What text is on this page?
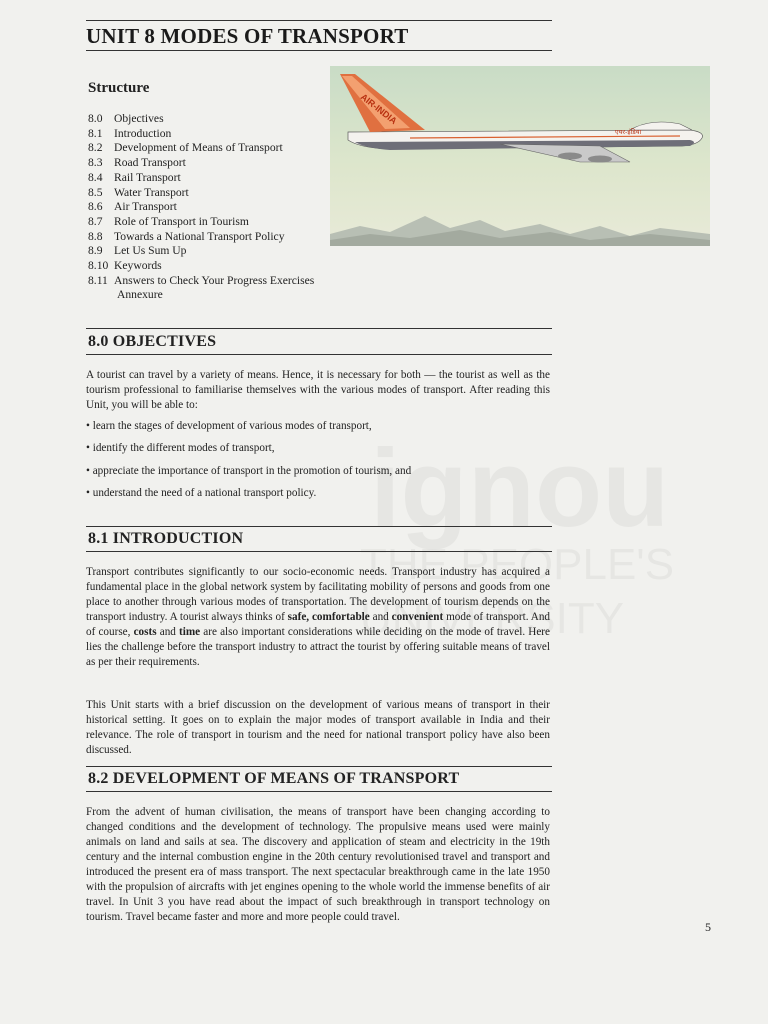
UNIT 8 MODES OF TRANSPORT
Structure
8.0 Objectives
8.1 Introduction
8.2 Development of Means of Transport
8.3 Road Transport
8.4 Rail Transport
8.5 Water Transport
8.6 Air Transport
8.7 Role of Transport in Tourism
8.8 Towards a National Transport Policy
8.9 Let Us Sum Up
8.10 Keywords
8.11 Answers to Check Your Progress Exercises
Annexure
AIR-INDIA
एयर-इंडिया
8.0 OBJECTIVES
A tourist can travel by a variety of means. Hence, it is necessary for both — the tourist as well as the tourism professional to familiarise themselves with the various modes of transport. After reading this Unit, you will be able to:
• learn the stages of development of various modes of transport,
• identify the different modes of transport,
• appreciate the importance of transport in the promotion of tourism, and
• understand the need of a national transport policy.
8.1 INTRODUCTION
Transport contributes significantly to our socio-economic needs. Transport industry has acquired a fundamental place in the global network system by facilitating mobility of persons and goods from one place to another through various modes of transportation. The development of tourism depends on the transport industry. A tourist always thinks of safe, comfortable and convenient mode of transport. And of course, costs and time are also important considerations while deciding on the mode of travel. Here lies the challenge before the transport industry to attract the tourist by offering suitable means of travel as per their requirements.
This Unit starts with a brief discussion on the development of various means of transport in their historical setting. It goes on to explain the major modes of transport available in India and their relevance. The role of transport in tourism and the need for national transport policy have also been discussed.
8.2 DEVELOPMENT OF MEANS OF TRANSPORT
From the advent of human civilisation, the means of transport have been changing according to changed conditions and the development of technology. The propulsive means used were mainly animals on land and sails at sea. The discovery and application of steam and electricity in the 19th century and the internal combustion engine in the 20th century revolutionised travel and transport and introduced the present era of mass transport. The next spectacular breakthrough came in the late 1950 with the propulsion of aircrafts with jet engines opening to the whole world the immense benefits of air travel. In Unit 3 you have read about the impact of such breakthrough in transport technology on tourism. Travel became faster and more and more people could travel.
5
